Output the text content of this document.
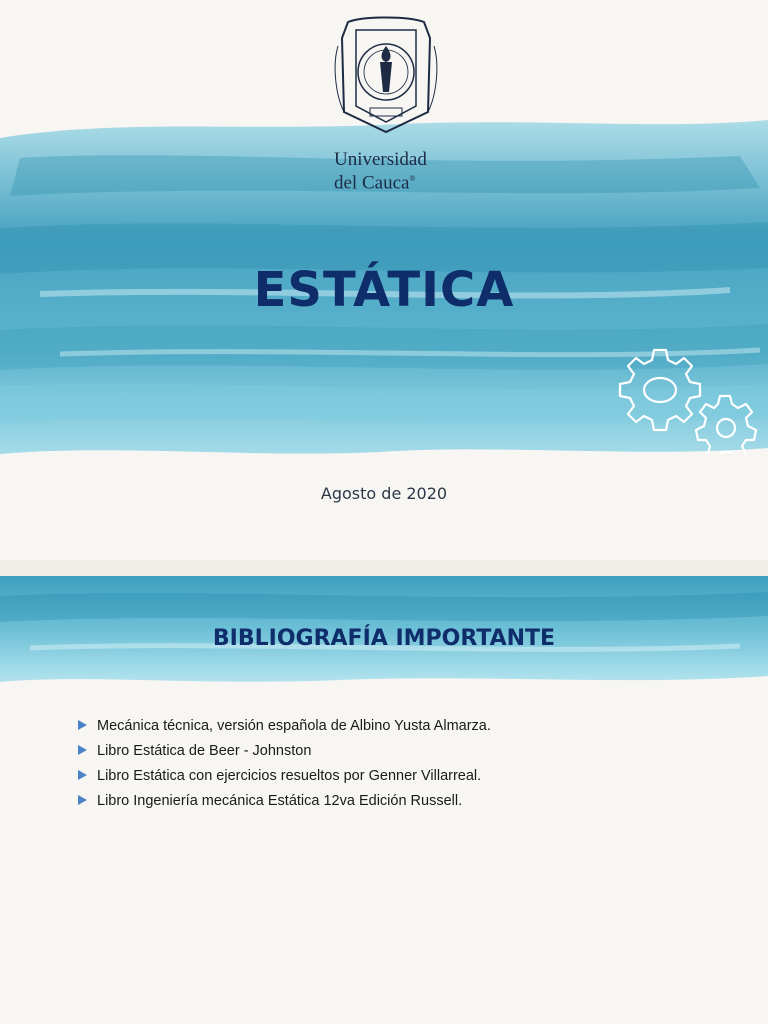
Universidad
del Cauca®
ESTÁTICA
Agosto de 2020
BIBLIOGRAFÍA IMPORTANTE
Mecánica técnica, versión española de Albino Yusta Almarza.
Libro Estática de Beer - Johnston
Libro Estática con ejercicios resueltos por Genner Villarreal.
Libro Ingeniería mecánica Estática 12va Edición Russell.
